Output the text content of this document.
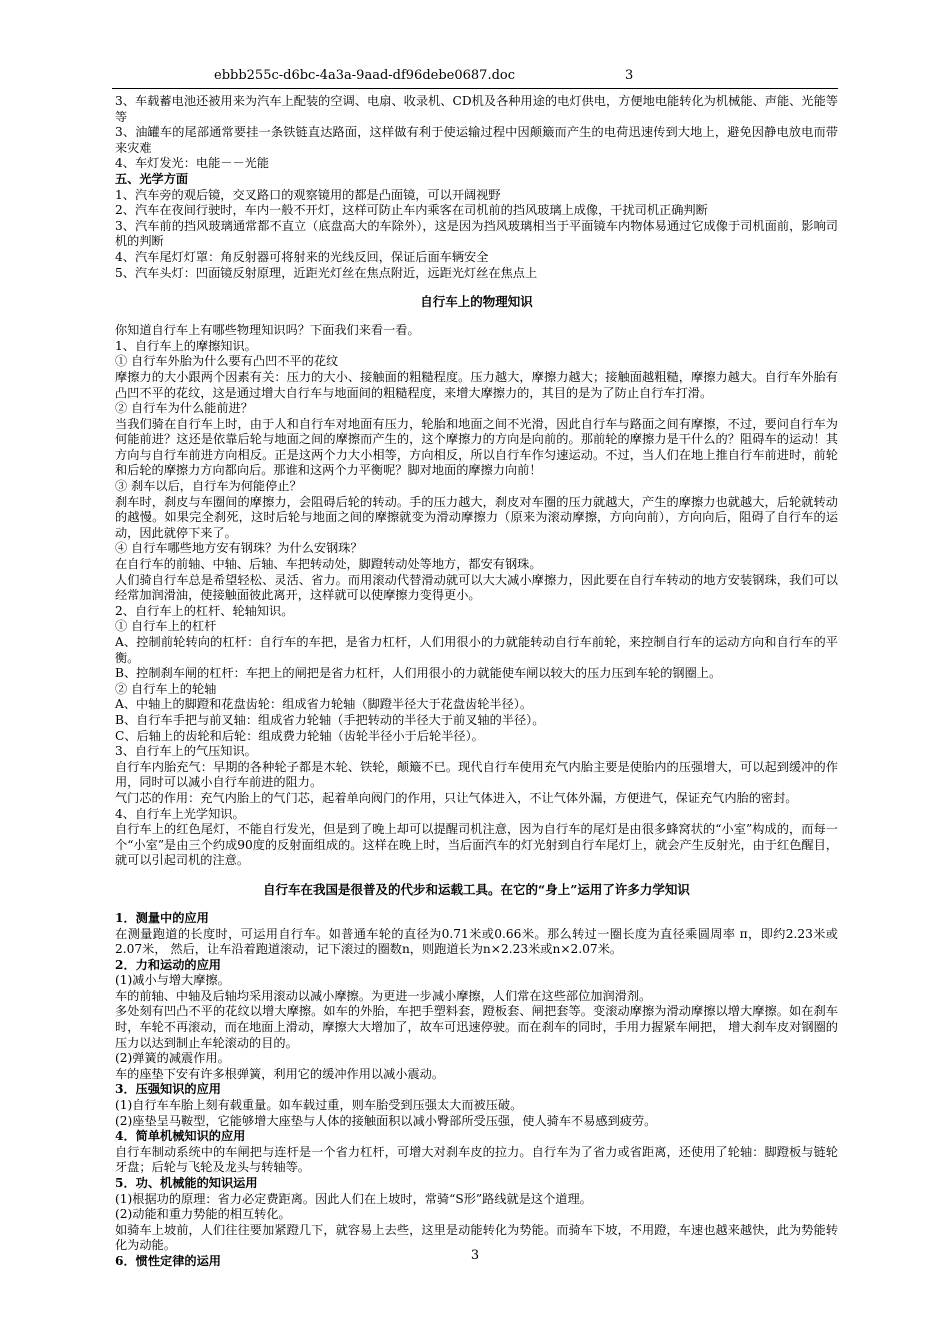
ebbb255c-d6bc-4a3a-9aad-df96debe0687.doc	3

3、车载蓄电池还被用来为汽车上配装的空调、电扇、收录机、CD机及各种用途的电灯供电，方便地电能转化为机械能、声能、光能等等

3、油罐车的尾部通常要挂一条铁链直达路面，这样做有利于使运输过程中因颠簸而产生的电荷迅速传到大地上，避免因静电放电而带来灾难

4、车灯发光：电能－－光能

五、光学方面

1、汽车旁的观后镜，交叉路口的观察镜用的都是凸面镜，可以开阔视野

2、汽车在夜间行驶时，车内一般不开灯，这样可防止车内乘客在司机前的挡风玻璃上成像，干扰司机正确判断

3、汽车前的挡风玻璃通常都不直立（底盘高大的车除外），这是因为挡风玻璃相当于平面镜车内物体易通过它成像于司机面前，影响司机的判断

4、汽车尾灯灯罩：角反射器可将射来的光线反回，保证后面车辆安全

5、汽车头灯：凹面镜反射原理，近距光灯丝在焦点附近，远距光灯丝在焦点上

自行车上的物理知识

你知道自行车上有哪些物理知识吗？下面我们来看一看。

1、自行车上的摩擦知识。

① 自行车外胎为什么要有凸凹不平的花纹

摩擦力的大小跟两个因素有关：压力的大小、接触面的粗糙程度。压力越大，摩擦力越大；接触面越粗糙，摩擦力越大。自行车外胎有凸凹不平的花纹，这是通过增大自行车与地面间的粗糙程度，来增大摩擦力的，其目的是为了防止自行车打滑。

② 自行车为什么能前进？

当我们骑在自行车上时，由于人和自行车对地面有压力，轮胎和地面之间不光滑，因此自行车与路面之间有摩擦，不过，要问自行车为何能前进？这还是依靠后轮与地面之间的摩擦而产生的，这个摩擦力的方向是向前的。那前轮的摩擦力是干什么的？阻碍车的运动！其方向与自行车前进方向相反。正是这两个力大小相等，方向相反，所以自行车作匀速运动。不过，当人们在地上推自行车前进时，前轮和后轮的摩擦力方向都向后。那谁和这两个力平衡呢？脚对地面的摩擦力向前！

③ 刹车以后，自行车为何能停止？

刹车时，刹皮与车圈间的摩擦力，会阻碍后轮的转动。手的压力越大，刹皮对车圈的压力就越大，产生的摩擦力也就越大，后轮就转动的越慢。如果完全刹死，这时后轮与地面之间的摩擦就变为滑动摩擦力（原来为滚动摩擦，方向向前），方向向后，阻碍了自行车的运动，因此就停下来了。

④ 自行车哪些地方安有钢珠？为什么安钢珠？

在自行车的前轴、中轴、后轴、车把转动处，脚蹬转动处等地方，都安有钢珠。

人们骑自行车总是希望轻松、灵活、省力。而用滚动代替滑动就可以大大减小摩擦力，因此要在自行车转动的地方安装钢珠，我们可以经常加润滑油，使接触面彼此离开，这样就可以使摩擦力变得更小。

2、自行车上的杠杆、轮轴知识。

① 自行车上的杠杆

A、控制前轮转向的杠杆：自行车的车把，是省力杠杆，人们用很小的力就能转动自行车前轮，来控制自行车的运动方向和自行车的平衡。

B、控制刹车闸的杠杆：车把上的闸把是省力杠杆，人们用很小的力就能使车闸以较大的压力压到车轮的钢圈上。

② 自行车上的轮轴

A、中轴上的脚蹬和花盘齿轮：组成省力轮轴（脚蹬半径大于花盘齿轮半径）。

B、自行车手把与前叉轴：组成省力轮轴（手把转动的半径大于前叉轴的半径）。

C、后轴上的齿轮和后轮：组成费力轮轴（齿轮半径小于后轮半径）。

3、自行车上的气压知识。

自行车内胎充气：早期的各种轮子都是木轮、铁轮，颠簸不已。现代自行车使用充气内胎主要是使胎内的压强增大，可以起到缓冲的作用，同时可以减小自行车前进的阻力。

气门芯的作用：充气内胎上的气门芯，起着单向阀门的作用，只让气体进入，不让气体外漏，方便进气，保证充气内胎的密封。

4、自行车上光学知识。

自行车上的红色尾灯，不能自行发光，但是到了晚上却可以提醒司机注意，因为自行车的尾灯是由很多蜂窝状的“小室”构成的，而每一个“小室”是由三个约成90度的反射面组成的。这样在晚上时，当后面汽车的灯光射到自行车尾灯上，就会产生反射光，由于红色醒目，就可以引起司机的注意。

自行车在我国是很普及的代步和运载工具。在它的“身上”运用了许多力学知识

1．测量中的应用

在测量跑道的长度时，可运用自行车。如普通车轮的直径为0.71米或0.66米。那么转过一圈长度为直径乘圆周率 π，即约2.23米或2.07米， 然后，让车沿着跑道滚动，记下滚过的圈数n，则跑道长为n×2.23米或n×2.07米。

2．力和运动的应用

(1)减小与增大摩擦。

车的前轴、中轴及后轴均采用滚动以减小摩擦。为更进一步减小摩擦，人们常在这些部位加润滑剂。

多处刻有凹凸不平的花纹以增大摩擦。如车的外胎，车把手塑料套，蹬板套、闸把套等。变滚动摩擦为滑动摩擦以增大摩擦。如在刹车时，车轮不再滚动，而在地面上滑动，摩擦大大增加了，故车可迅速停驶。而在刹车的同时，手用力握紧车闸把， 增大刹车皮对钢圈的压力以达到制止车轮滚动的目的。

(2)弹簧的减震作用。

车的座垫下安有许多根弹簧，利用它的缓冲作用以减小震动。

3．压强知识的应用

(1)自行车车胎上刻有载重量。如车载过重，则车胎受到压强太大而被压破。

(2)座垫呈马鞍型，它能够增大座垫与人体的接触面积以减小臀部所受压强，使人骑车不易感到疲劳。

4．简单机械知识的应用

自行车制动系统中的车闸把与连杆是一个省力杠杆，可增大对刹车皮的拉力。自行车为了省力或省距离，还使用了轮轴：脚蹬板与链轮牙盘；后轮与飞轮及龙头与转轴等。

5．功、机械能的知识运用

(1)根据功的原理：省力必定费距离。因此人们在上坡时，常骑“S形”路线就是这个道理。

(2)动能和重力势能的相互转化。

如骑车上坡前，人们往往要加紧蹬几下，就容易上去些，这里是动能转化为势能。而骑车下坡，不用蹬，车速也越来越快，此为势能转化为动能。

6．惯性定律的运用	3
